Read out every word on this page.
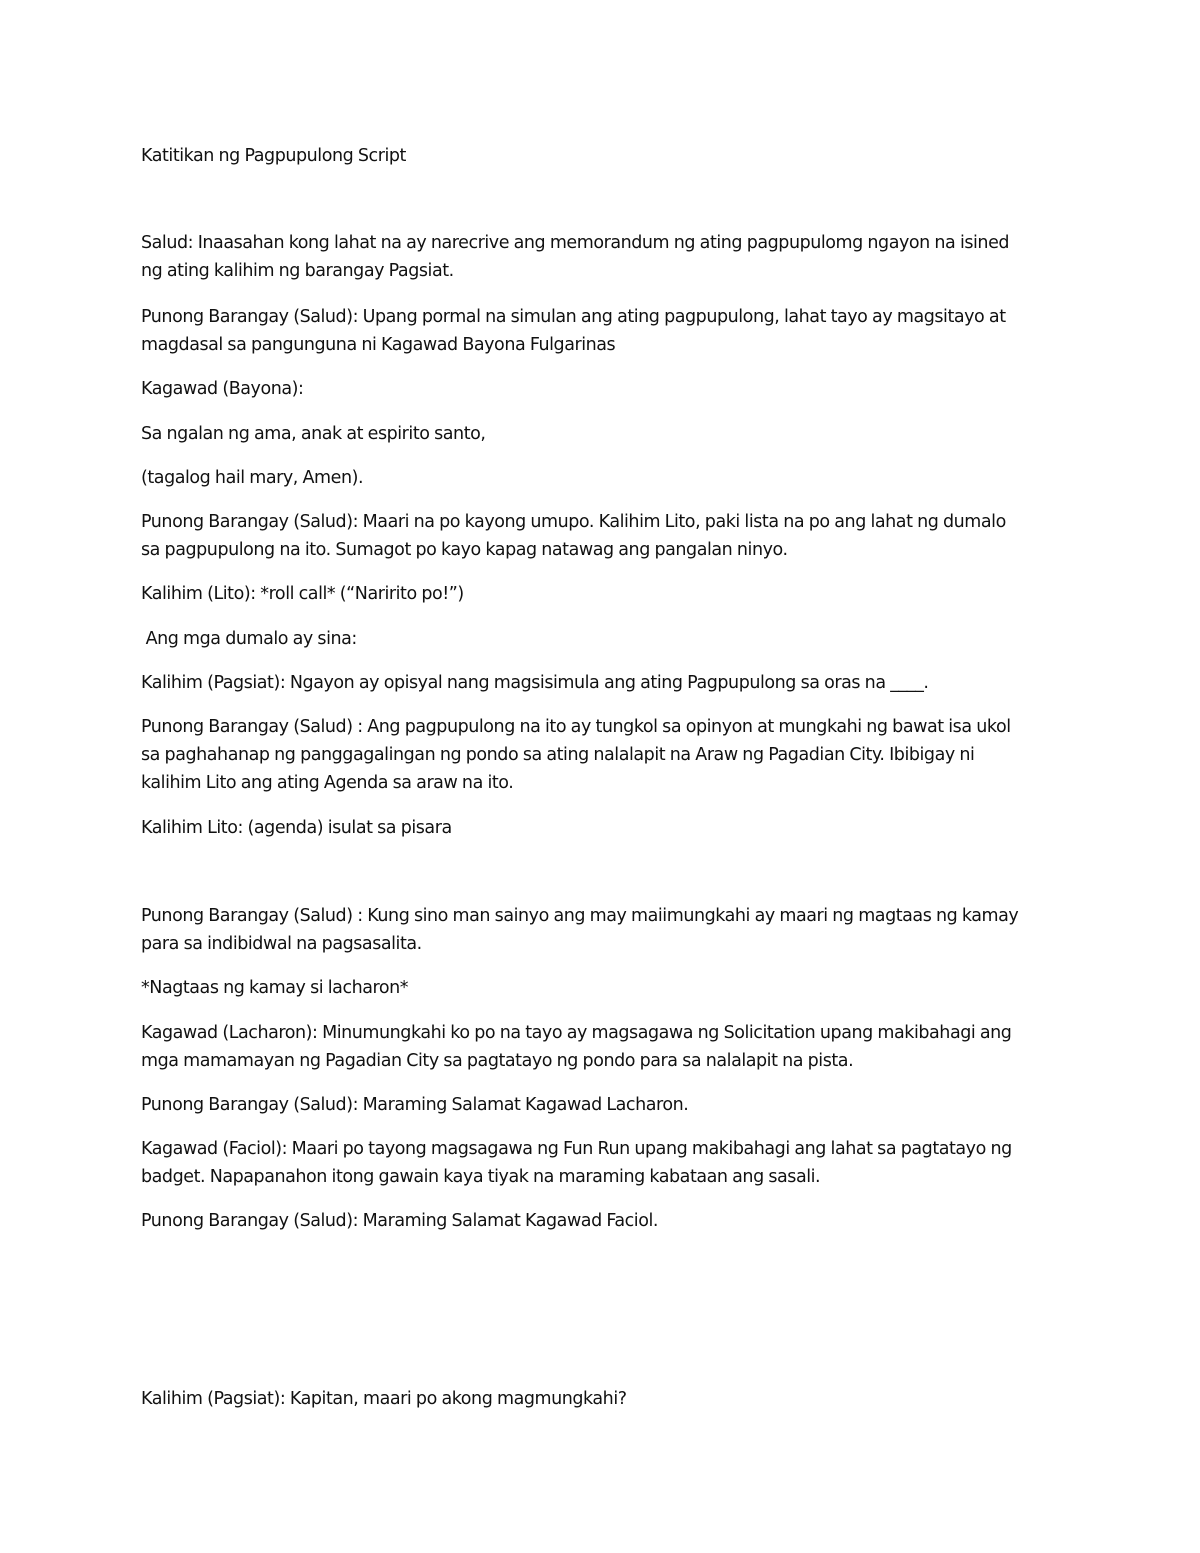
Katitikan ng Pagpupulong Script

Salud: Inaasahan kong lahat na ay narecrive ang memorandum ng ating pagpupulomg ngayon na isined
ng ating kalihim ng barangay Pagsiat.
Punong Barangay (Salud): Upang pormal na simulan ang ating pagpupulong, lahat tayo ay magsitayo at
magdasal sa pangunguna ni Kagawad Bayona Fulgarinas
Kagawad (Bayona):
Sa ngalan ng ama, anak at espirito santo,
(tagalog hail mary, Amen).
Punong Barangay (Salud): Maari na po kayong umupo. Kalihim Lito, paki lista na po ang lahat ng dumalo
sa pagpupulong na ito. Sumagot po kayo kapag natawag ang pangalan ninyo.
Kalihim (Lito): *roll call* (“Naririto po!”)
Ang mga dumalo ay sina:
Kalihim (Pagsiat): Ngayon ay opisyal nang magsisimula ang ating Pagpupulong sa oras na ____.
Punong Barangay (Salud) : Ang pagpupulong na ito ay tungkol sa opinyon at mungkahi ng bawat isa ukol
sa paghahanap ng panggagalingan ng pondo sa ating nalalapit na Araw ng Pagadian City. Ibibigay ni
kalihim Lito ang ating Agenda sa araw na ito.
Kalihim Lito: (agenda) isulat sa pisara
Punong Barangay (Salud) : Kung sino man sainyo ang may maiimungkahi ay maari ng magtaas ng kamay
para sa indibidwal na pagsasalita.
*Nagtaas ng kamay si lacharon*
Kagawad (Lacharon): Minumungkahi ko po na tayo ay magsagawa ng Solicitation upang makibahagi ang
mga mamamayan ng Pagadian City sa pagtatayo ng pondo para sa nalalapit na pista.
Punong Barangay (Salud): Maraming Salamat Kagawad Lacharon.
Kagawad (Faciol): Maari po tayong magsagawa ng Fun Run upang makibahagi ang lahat sa pagtatayo ng
badget. Napapanahon itong gawain kaya tiyak na maraming kabataan ang sasali.
Punong Barangay (Salud): Maraming Salamat Kagawad Faciol.
Kalihim (Pagsiat): Kapitan, maari po akong magmungkahi?
